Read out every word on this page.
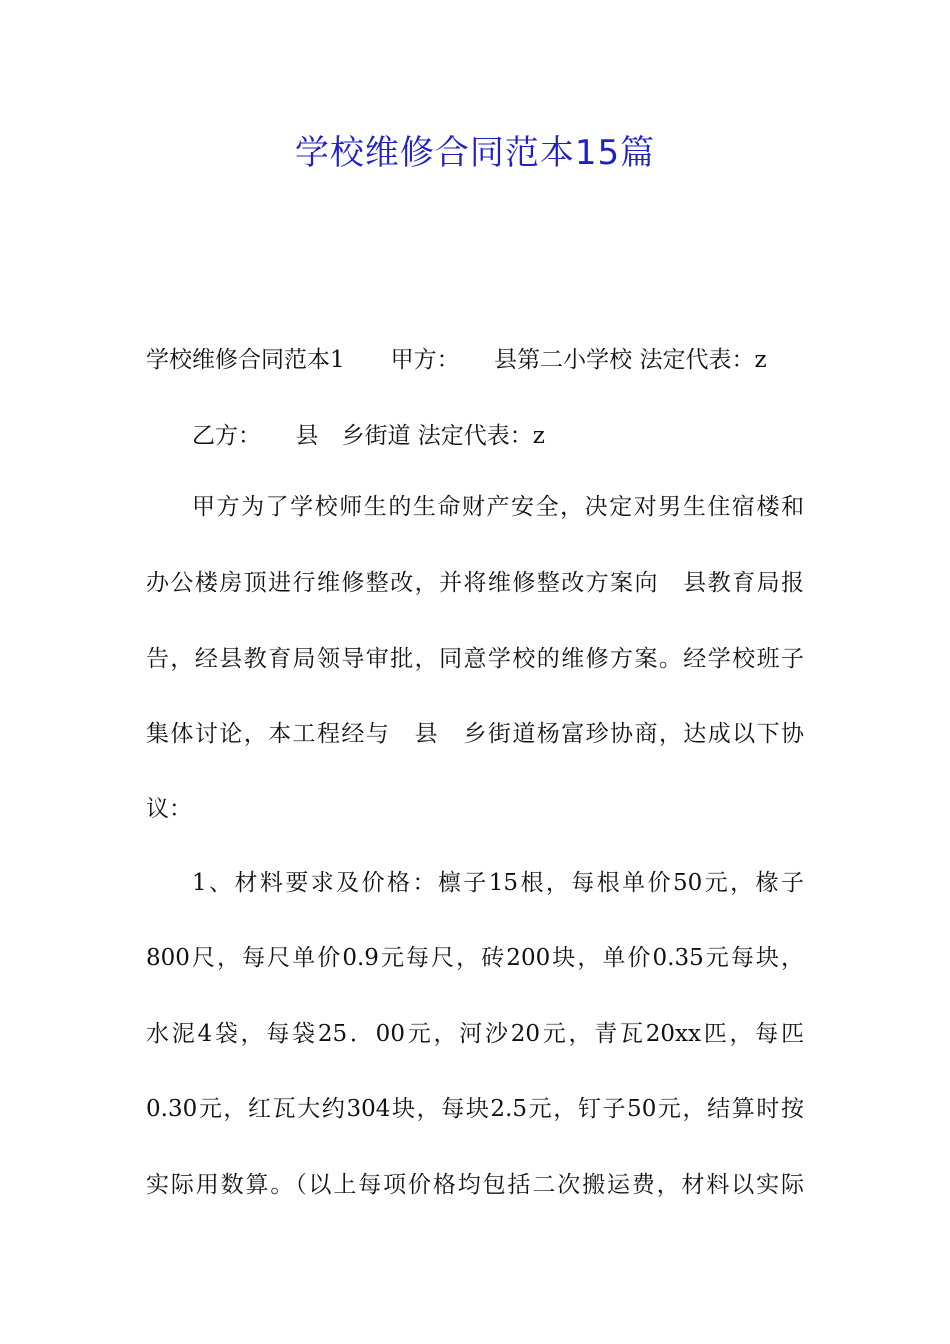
学校维修合同范本15篇
学校维修合同范本1　　甲方：　　县第二小学校 法定代表：z
乙方：　　县　乡街道 法定代表：z
甲方为了学校师生的生命财产安全，决定对男生住宿楼和
办公楼房顶进行维修整改，并将维修整改方案向　县教育局报
告，经县教育局领导审批，同意学校的维修方案。经学校班子
集体讨论，本工程经与　县　乡街道杨富珍协商，达成以下协
议：
1、材料要求及价格：檩子15根，每根单价50元，椽子
800尺，每尺单价0.9元每尺，砖200块，单价0.35元每块，
水泥4袋，每袋25．00元，河沙20元，青瓦20xx匹，每匹
0.30元，红瓦大约304块，每块2.5元，钉子50元，结算时按
实际用数算。（以上每项价格均包括二次搬运费，材料以实际
